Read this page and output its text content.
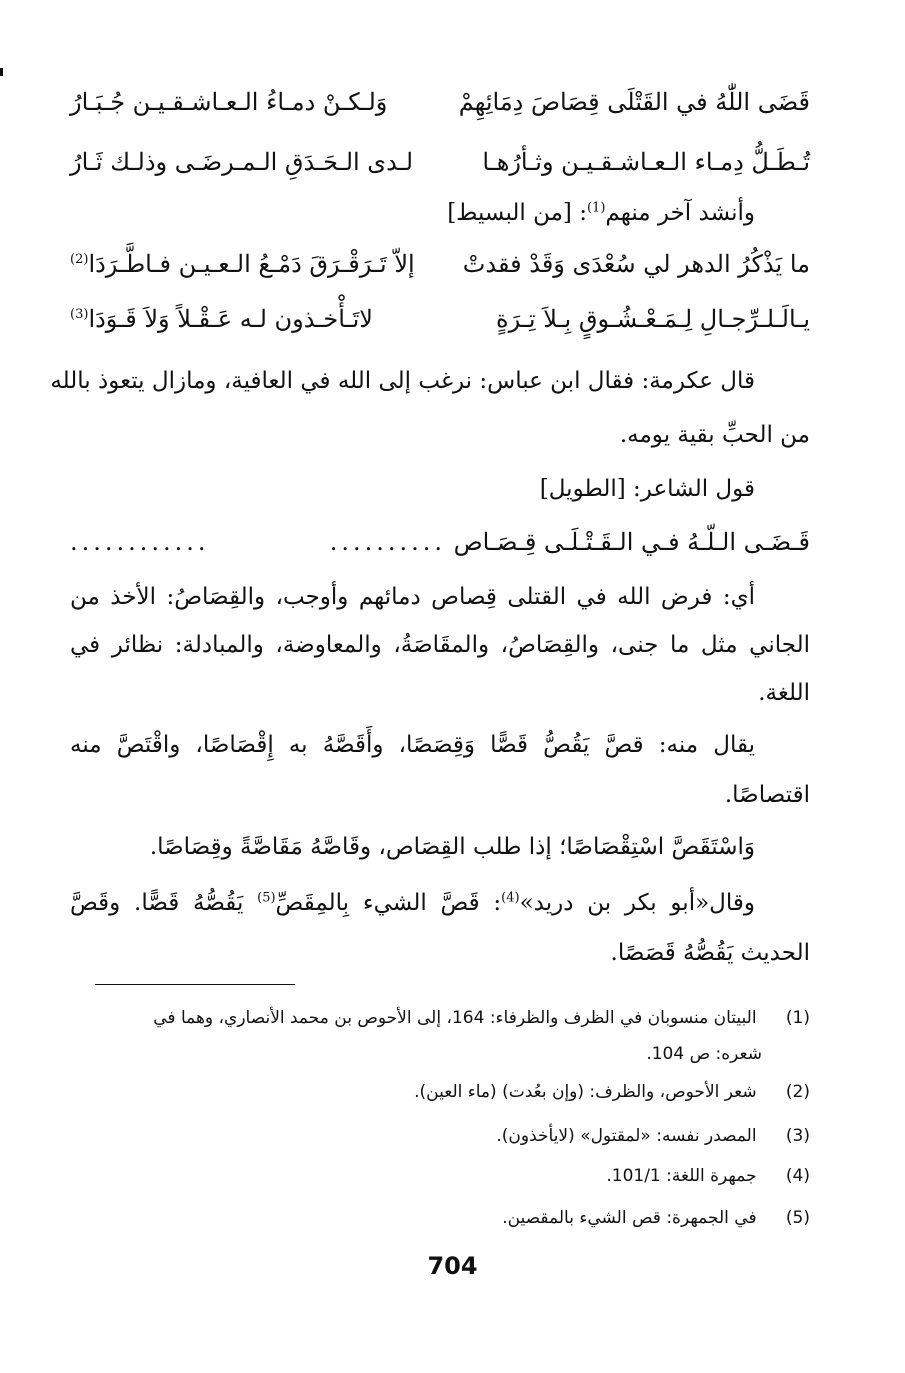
قَضَى اللّٰهُ في القَتْلَى قِصَاصَ دِمَائِهِمْ
وَلـكـنْ دمـاءُ الـعـاشـقـيـن جُـبَـارُ
تُـطَـلُّ دِمـاء الـعـاشـقـيـن وثـأرُهـا
لـدى الـحَـدَقِ الـمـرضَـى وذلـك ثَـارُ
وأنشد آخر منهم$^{(1)}$: [من البسيط]
ما يَذْكُرُ الدهر لي سُعْدَى وَقَدْ فقدتْ
إلاّ تَـرَقْـرَقَ دَمْـعُ الـعـيـن فـاطَّـرَدَا$^{(2)}$
يـالَـلـرِّجـالِ لِـمَـعْـشُـوقٍ بِـلاَ تِـرَةٍ
لاتَـأْخـذون لـه عَـقْـلاً وَلاَ قَـوَدَا$^{(3)}$
قال عكرمة: فقال ابن عباس: نرغب إلى الله في العافية، ومازال يتعوذ بالله
من الحبِّ بقية يومه.
قول الشاعر: [الطويل]
قَـضَـى الـلّـهُ فـي الـقَـتْـلَـى قِـصَـاص ..........
............
أي: فرض الله في القتلى قِصاص دمائهم وأوجب، والقِصَاصُ: الأخذ من
الجاني مثل ما جنى، والقِصَاصُ، والمقَاصَةُ، والمعاوضة، والمبادلة: نظائر في
اللغة.
يقال منه: قصَّ يَقُصُّ قَصًّا وَقِصَصًا، وأَقَصَّهُ به إِقْصَاصًا، واقْتَصَّ منه
اقتصاصًا.
وَاسْتَقَصَّ اسْتِقْصَاصًا؛ إذا طلب القِصَاص، وقَاصَّهُ مَقَاصَّةً وقِصَاصًا.
وقال«أبو بكر بن دريد»$^{(4)}$: قَصَّ الشيء بِالمِقَصِّ$^{(5)}$ يَقُصُّهُ قَصًّا. وقَصَّ
الحديث يَقُصُّهُ قَصَصًا.
(1) البيتان منسوبان في الظرف والظرفاء: 164، إلى الأحوص بن محمد الأنصاري، وهما في
شعره: ص 104.
(2) شعر الأحوص، والظرف: (وإن بعُدت) (ماء العين).
(3) المصدر نفسه: «لمقتول» (لايأخذون).
(4) جمهرة اللغة: 101/1.
(5) في الجمهرة: قص الشيء بالمقصين.
704
